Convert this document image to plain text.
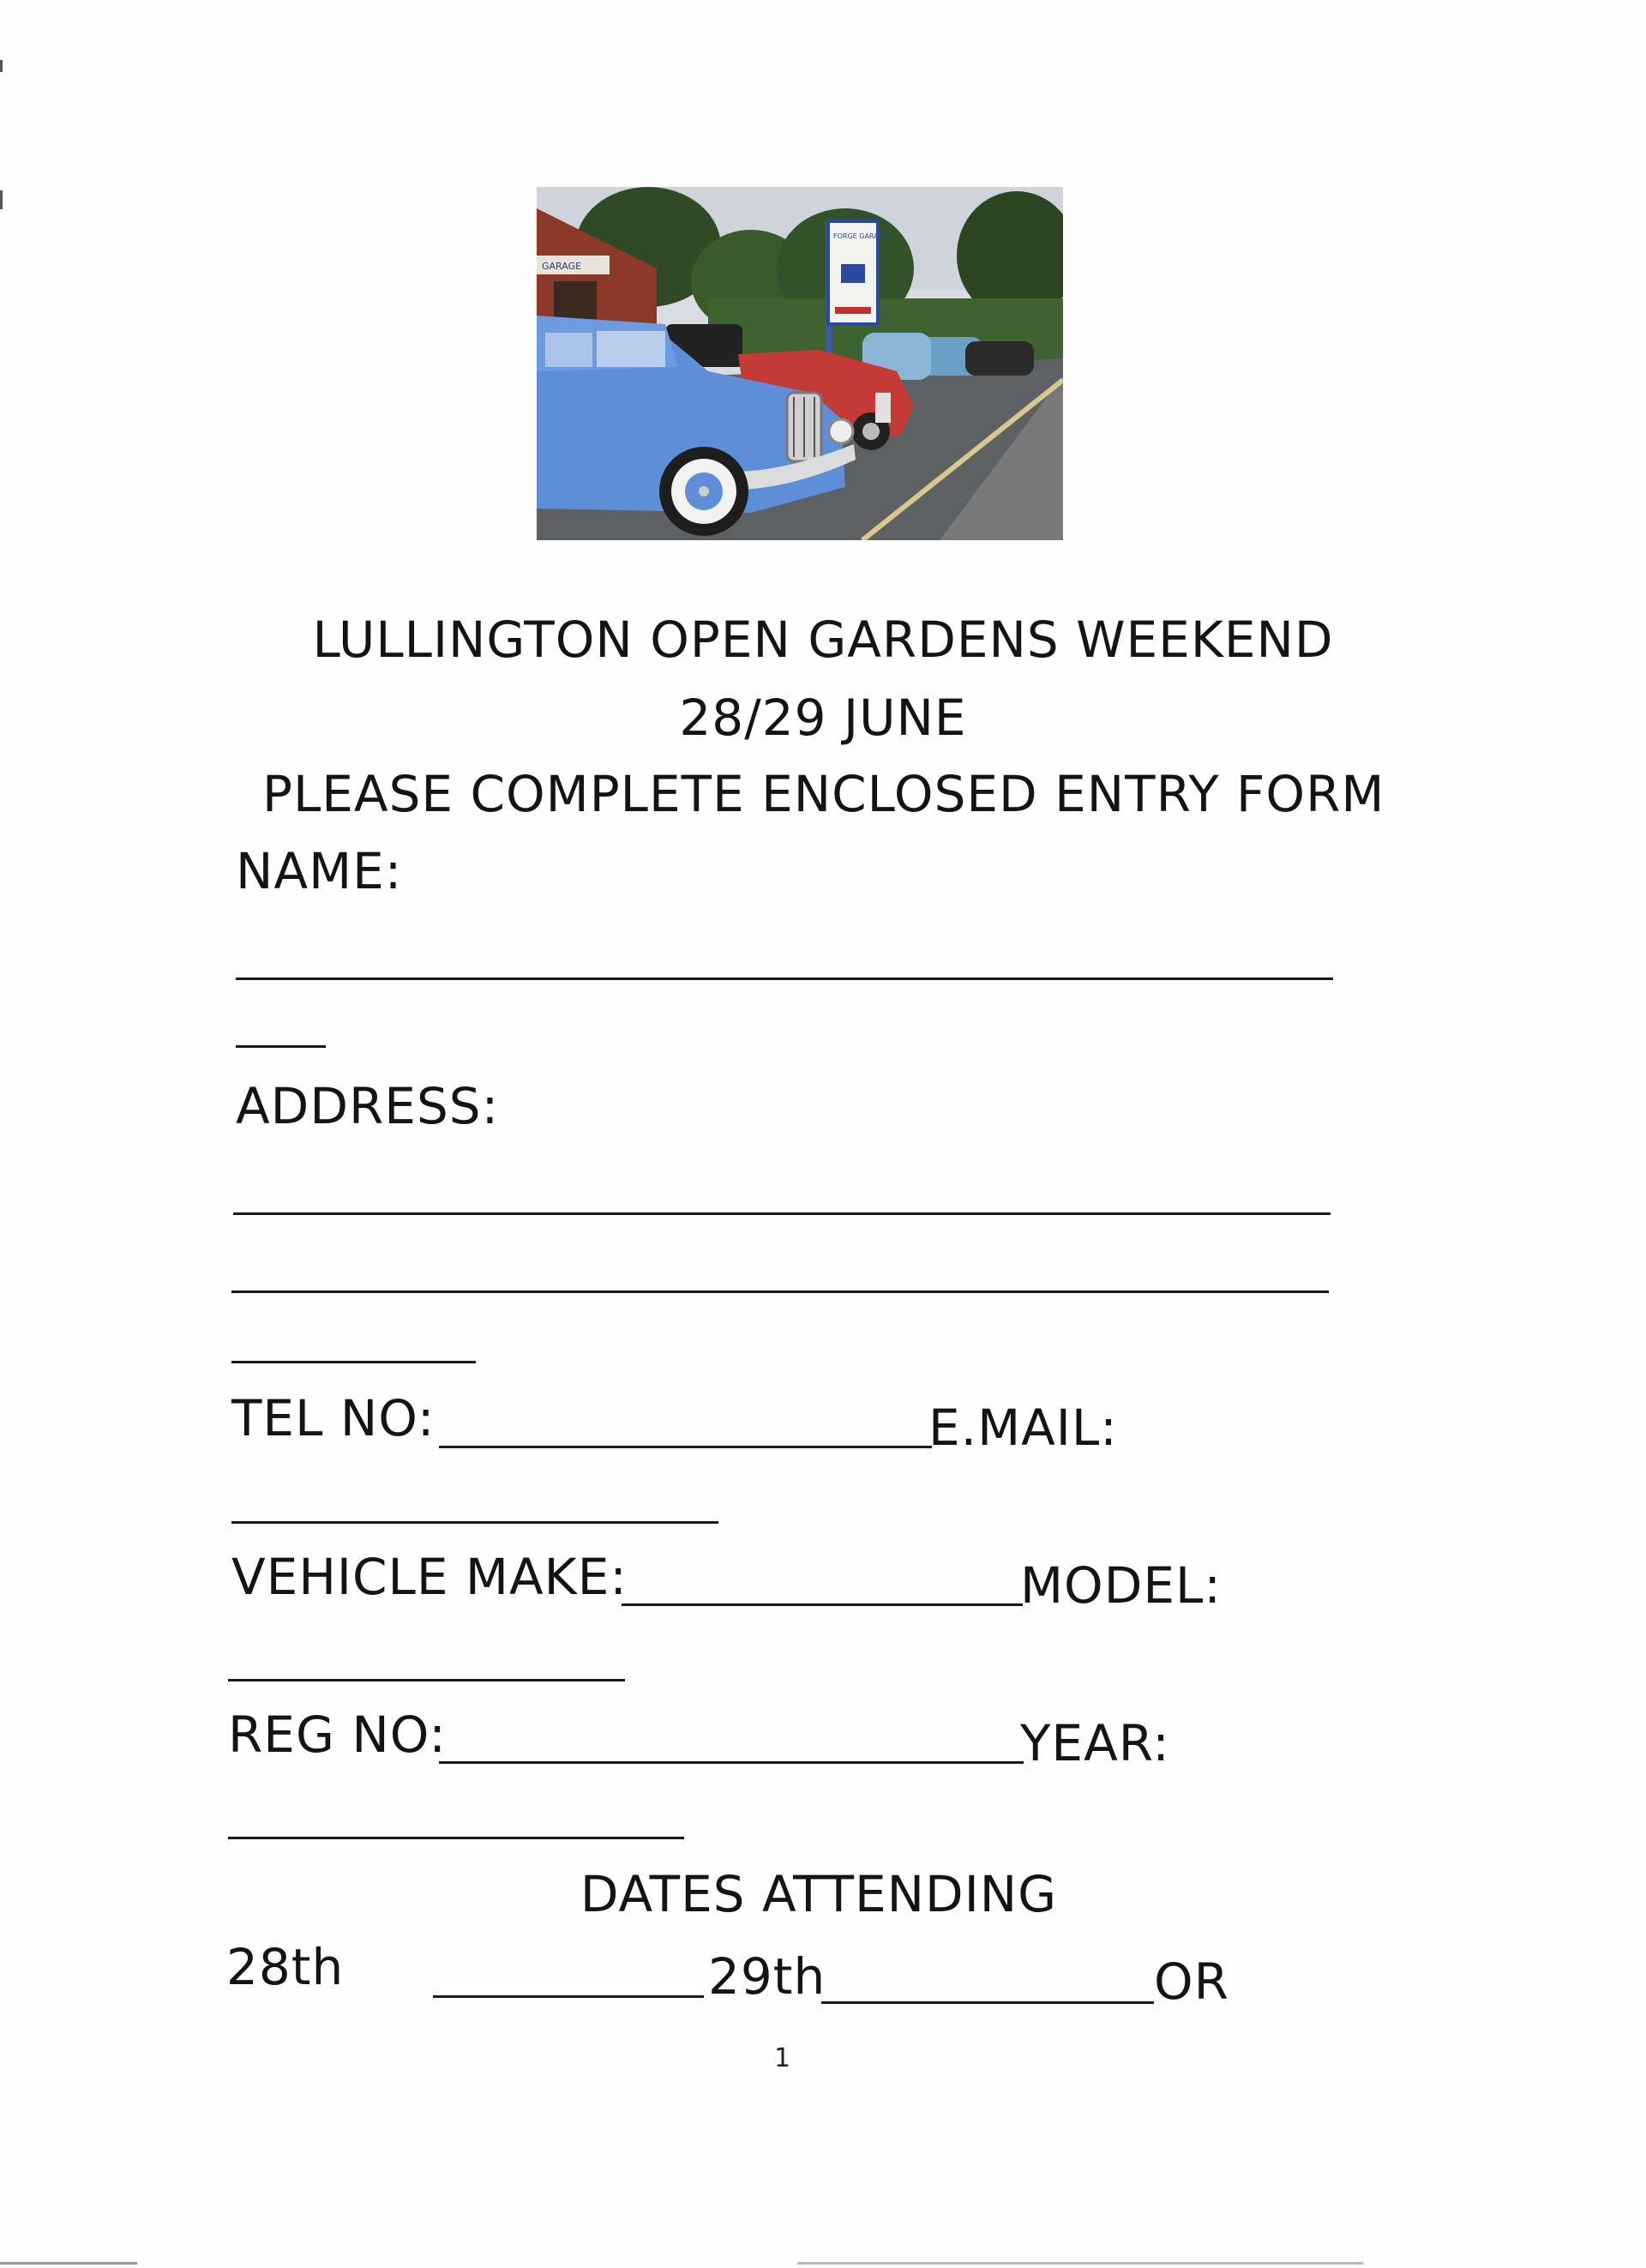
GARAGE
FORGE GARAGE
LULLINGTON OPEN GARDENS WEEKEND
28/29 JUNE
PLEASE COMPLETE ENCLOSED ENTRY FORM
NAME:
ADDRESS:
TEL NO:	E.MAIL:
VEHICLE MAKE:	MODEL:
REG NO:	YEAR:
DATES ATTENDING
28th	29th	OR
1
